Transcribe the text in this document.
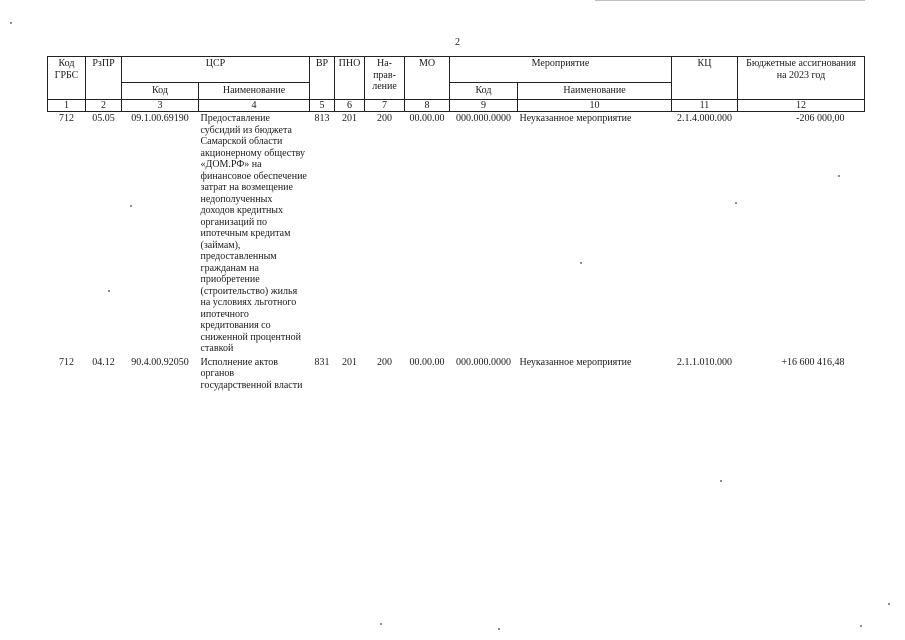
2
Код ГРБС	РзПР	ЦСР		ВР	ПНО	На-прав-ление	МО	Мероприятие		КЦ	Бюджетные ассигнования на 2023 год
		Код	Наименование					Код	Наименование		
1	2	3	4	5	6	7	8	9	10	11	12
712	05.05	09.1.00.69190	Предоставление субсидий из бюджета Самарской области акционерному обществу «ДОМ.РФ» на финансовое обеспечение затрат на возмещение недополученных доходов кредитных организаций по ипотечным кредитам (займам), предоставленным гражданам на приобретение (строительство) жилья на условиях льготного ипотечного кредитования со сниженной процентной ставкой	813	201	200	00.00.00	000.000.0000	Неуказанное мероприятие	2.1.4.000.000	-206 000,00
712	04.12	90.4.00.92050	Исполнение актов органов государственной власти	831	201	200	00.00.00	000.000.0000	Неуказанное мероприятие	2.1.1.010.000	+16 600 416,48
